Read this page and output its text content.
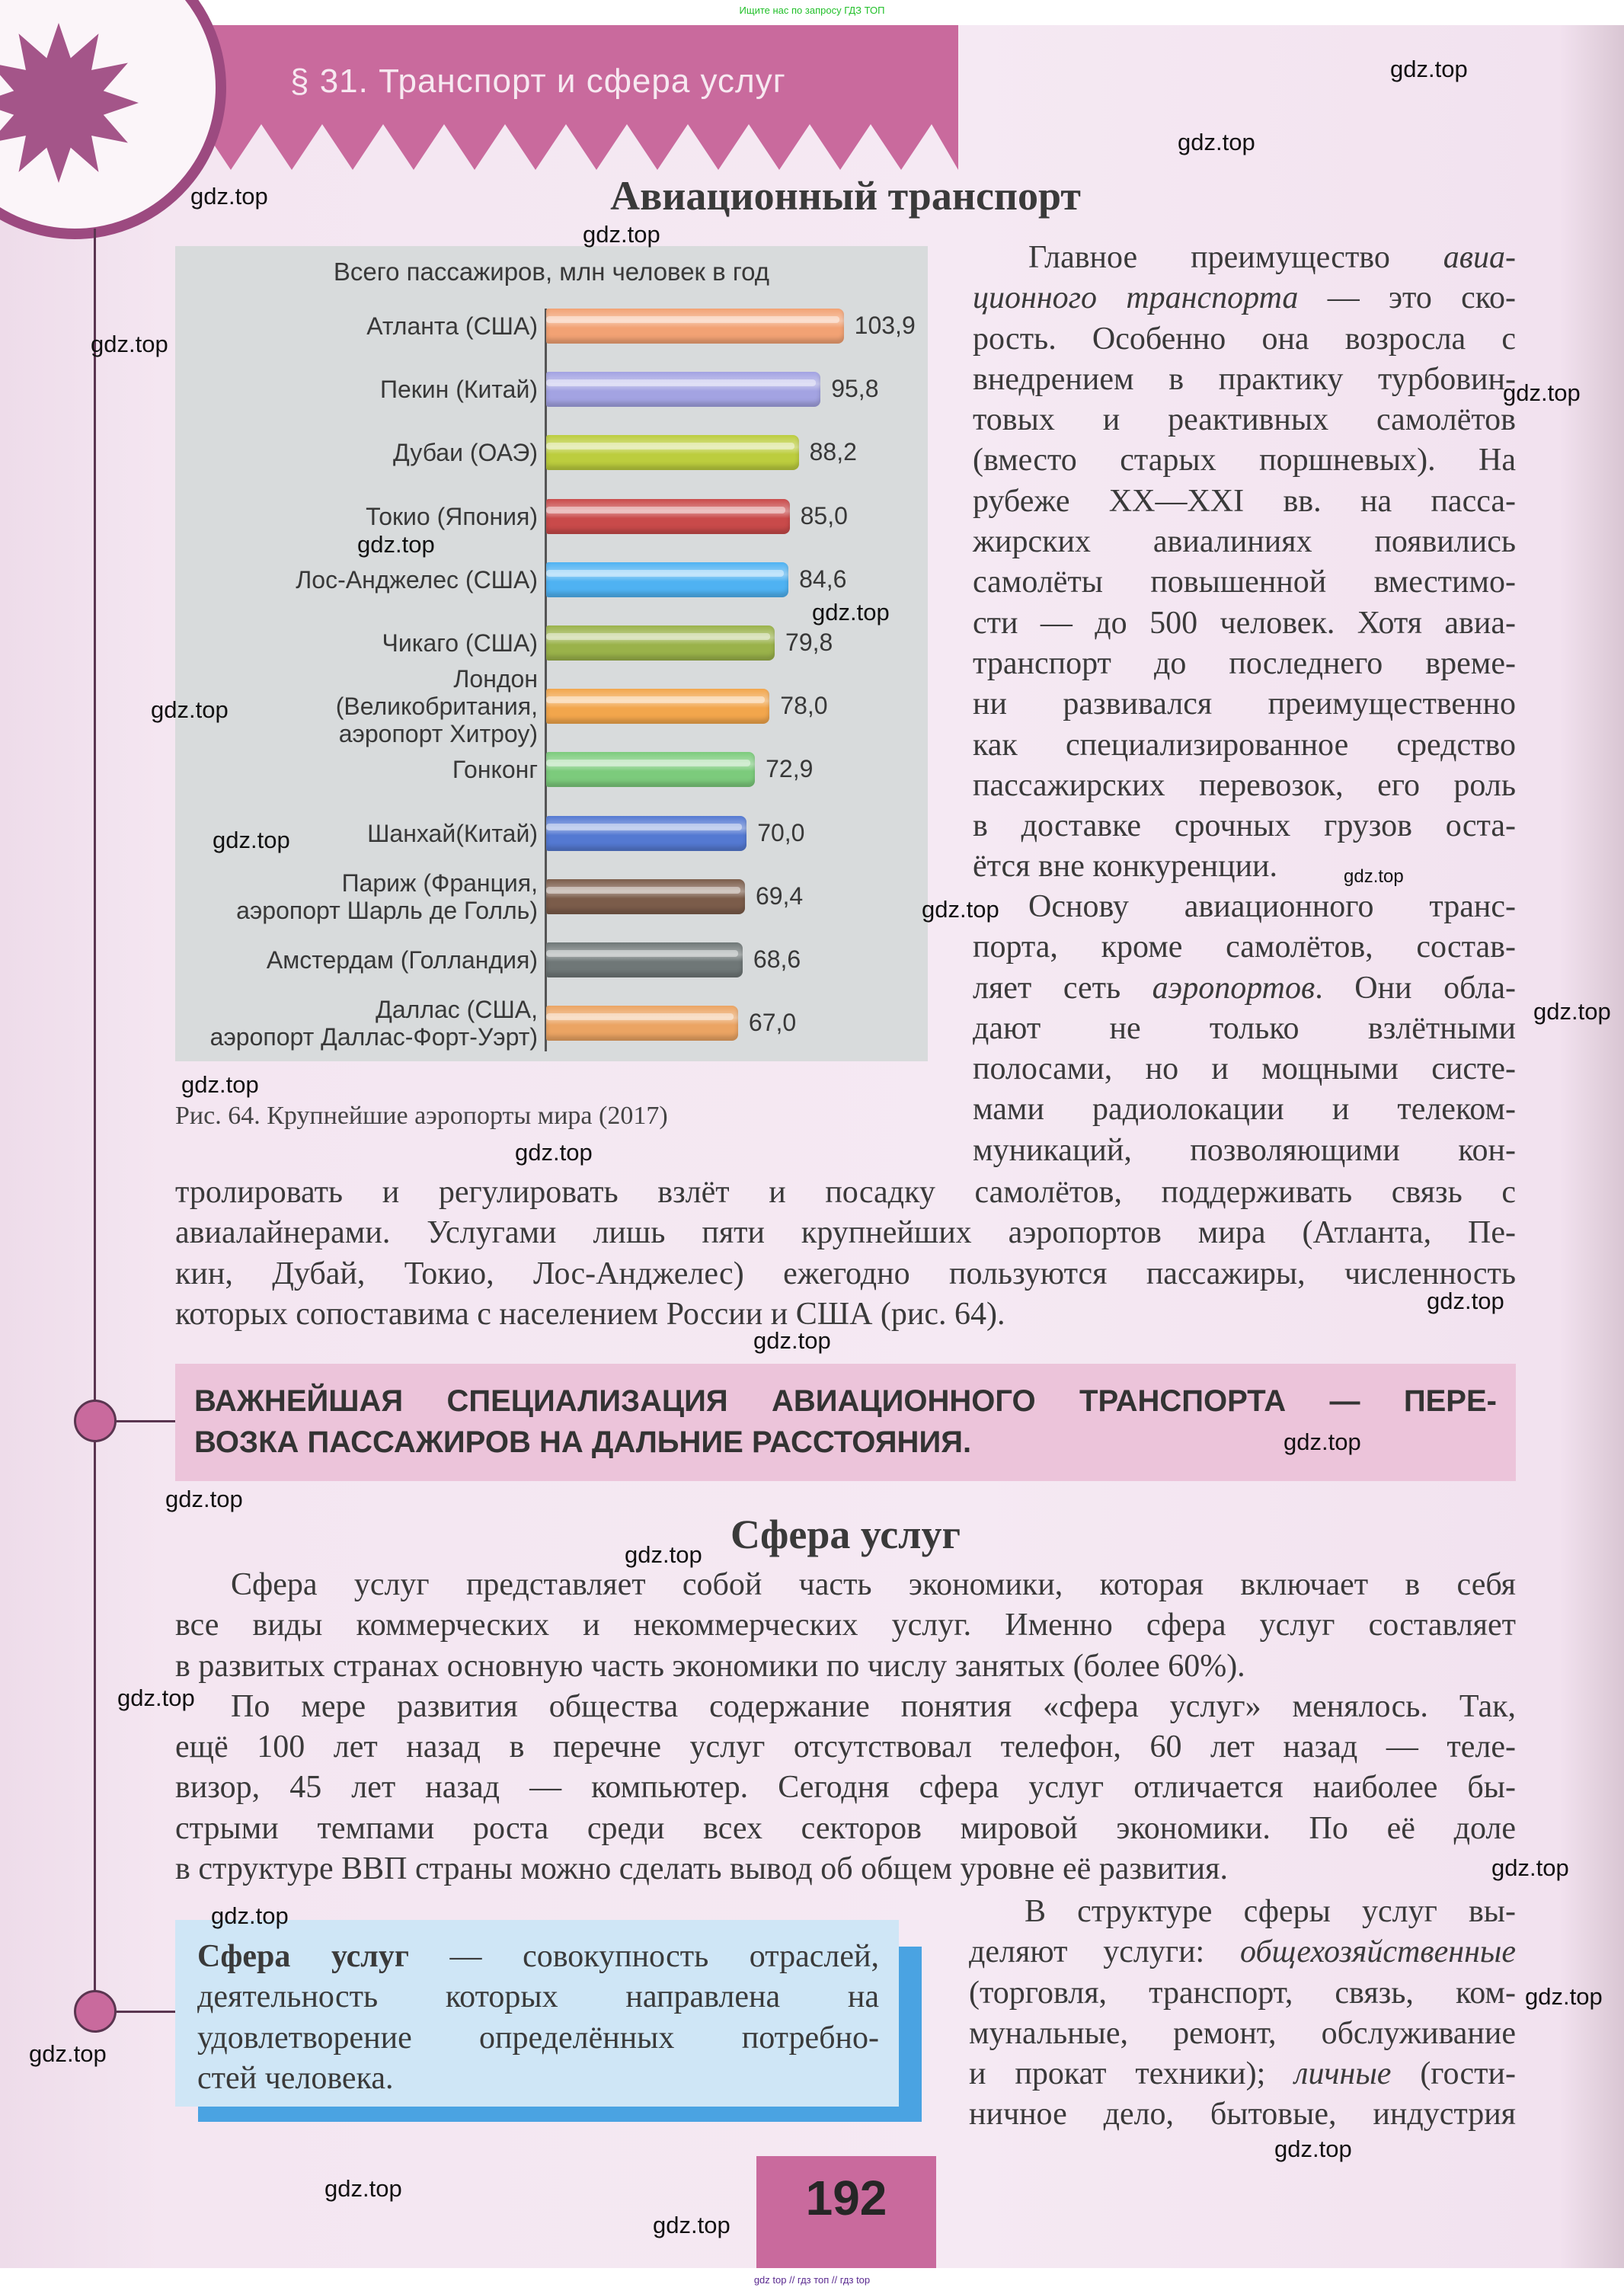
Ищите нас по запросу ГДЗ ТОП
§ 31. Транспорт и сфера услуг
Авиационный транспорт
Всего пассажиров, млн человек в год
Атланта (США)	103,9
Пекин (Китай)	95,8
Дубаи (ОАЭ)	88,2
Токио (Япония)	85,0
Лос-Анджелес (США)	84,6
Чикаго (США)	79,8
Лондон
(Великобритания,
аэропорт Хитроу)
78,0
Гонконг	72,9
Шанхай(Китай)	70,0
Париж (Франция,
аэропорт Шарль де Голль)
69,4
Амстердам (Голландия)	68,6
Даллас (США,
аэропорт Даллас-Форт-Уэрт)
67,0
Рис. 64. Крупнейшие аэропорты мира (2017)
Главное преимущество авиа-
ционного транспорта — это ско-
рость. Особенно она возросла с
внедрением в практику турбовин-
товых и реактивных самолётов
(вместо старых поршневых). На
рубеже XX—XXI вв. на пасса-
жирских авиалиниях появились
самолёты повышенной вместимо-
сти — до 500 человек. Хотя авиа-
транспорт до последнего време-
ни развивался преимущественно
как специализированное средство
пассажирских перевозок, его роль
в доставке срочных грузов оста-
ётся вне конкуренции.
Основу авиационного транс-
порта, кроме самолётов, состав-
ляет сеть аэропортов. Они обла-
дают не только взлётными
полосами, но и мощными систе-
мами радиолокации и телеком-
муникаций, позволяющими кон-
тролировать и регулировать взлёт и посадку самолётов, поддерживать связь с
авиалайнерами. Услугами лишь пяти крупнейших аэропортов мира (Атланта, Пе-
кин, Дубай, Токио, Лос-Анджелес) ежегодно пользуются пассажиры, численность
которых сопоставима с населением России и США (рис. 64).
ВАЖНЕЙШАЯ СПЕЦИАЛИЗАЦИЯ АВИАЦИОННОГО ТРАНСПОРТА — ПЕРЕ-
ВОЗКА ПАССАЖИРОВ НА ДАЛЬНИЕ РАССТОЯНИЯ.
Сфера услуг
Сфера услуг представляет собой часть экономики, которая включает в себя
все виды коммерческих и некоммерческих услуг. Именно сфера услуг составляет
в развитых странах основную часть экономики по числу занятых (более 60%).
По мере развития общества содержание понятия «сфера услуг» менялось. Так,
ещё 100 лет назад в перечне услуг отсутствовал телефон, 60 лет назад — теле-
визор, 45 лет назад — компьютер. Сегодня сфера услуг отличается наиболее бы-
стрыми темпами роста среди всех секторов мировой экономики. По её доле
в структуре ВВП страны можно сделать вывод об общем уровне её развития.
В структуре сферы услуг вы-
деляют услуги: общехозяйственные
(торговля, транспорт, связь, ком-
мунальные, ремонт, обслуживание
и прокат техники); личные (гости-
ничное дело, бытовые, индустрия
Сфера услуг — совокупность отраслей,
деятельность которых направлена на
удовлетворение определённых потребно-
стей человека.
192
gdz.top
gdz.top
gdz.top
gdz.top
gdz.top
gdz.top
gdz.top
gdz.top
gdz.top
gdz.top
gdz.top
gdz.top
gdz.top
gdz.top
gdz.top
gdz.top
gdz.top
gdz.top
gdz.top
gdz.top
gdz.top
gdz.top
gdz.top
gdz.top
gdz.top
gdz.top
gdz.top
gdz.top
gdz top // гдз топ // гдз top
